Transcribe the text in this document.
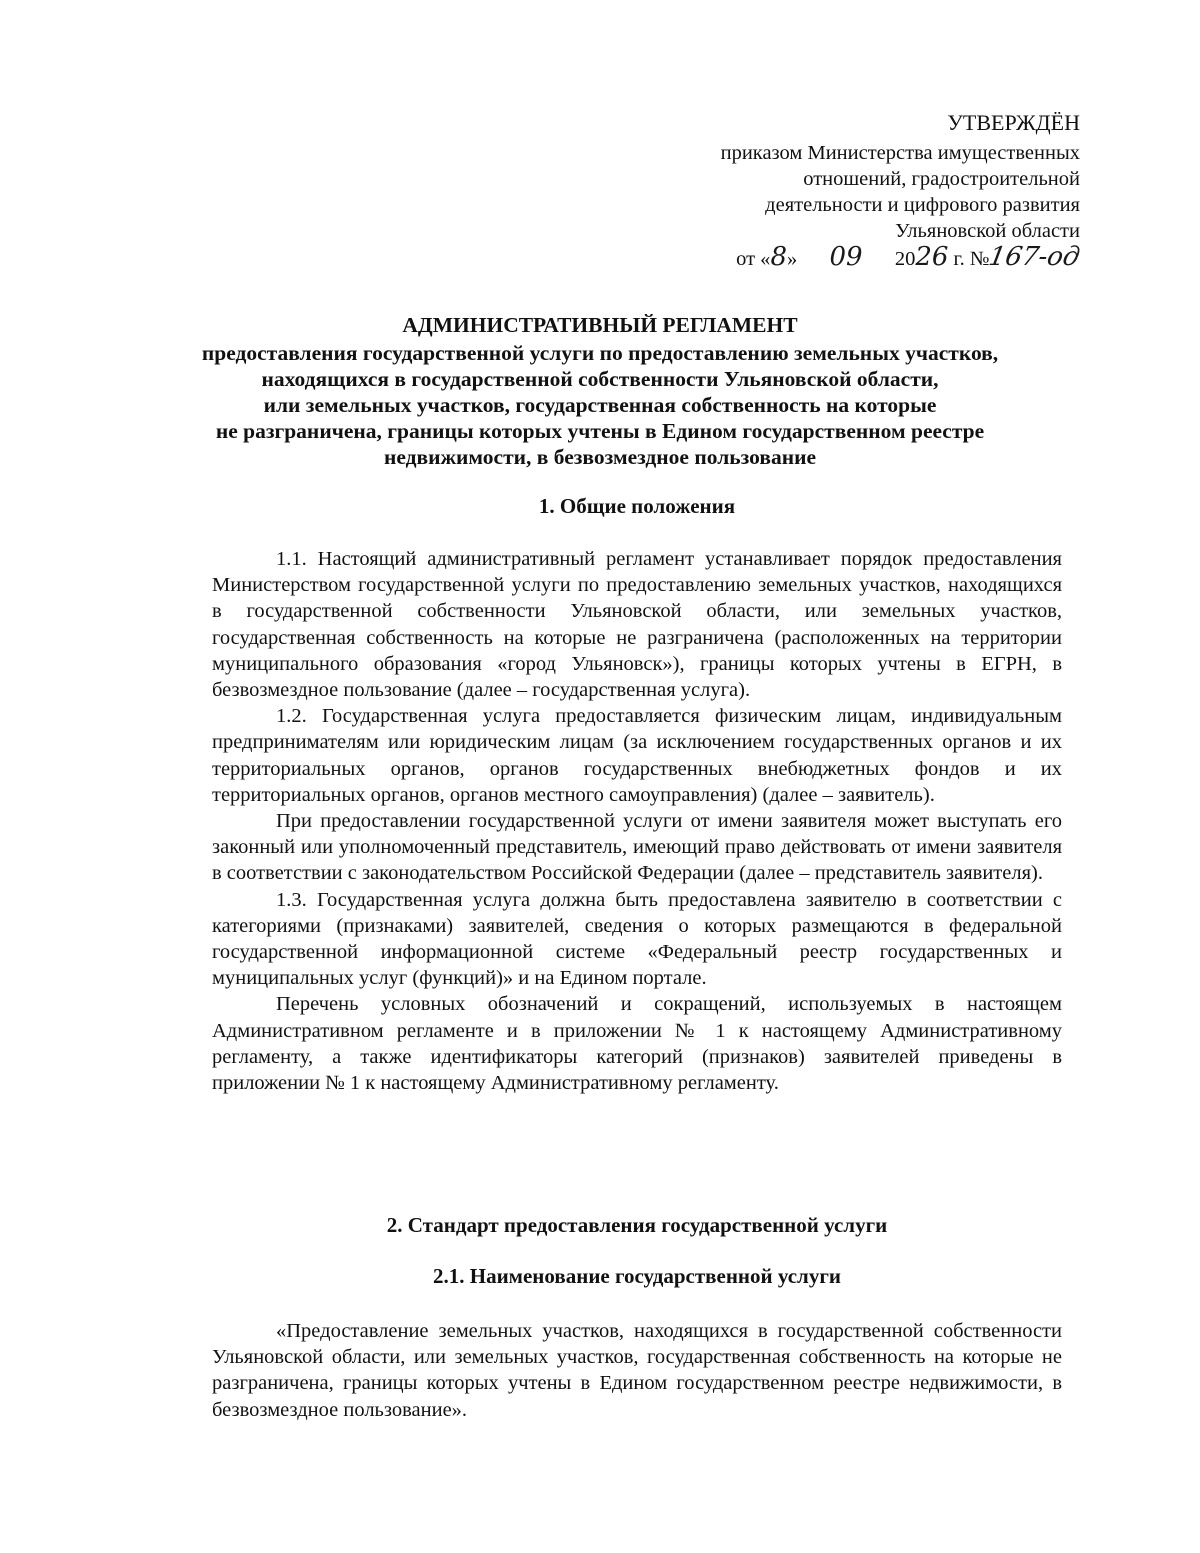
УТВЕРЖДЁН
приказом Министерства имущественных
отношений, градостроительной
деятельности и цифрового развития
Ульяновской области
от «8» 09 2026 г. №167-од
АДМИНИСТРАТИВНЫЙ РЕГЛАМЕНТ
предоставления государственной услуги по предоставлению земельных участков,
находящихся в государственной собственности Ульяновской области,
или земельных участков, государственная собственность на которые
не разграничена, границы которых учтены в Едином государственном реестре
недвижимости, в безвозмездное пользование
1. Общие положения

1.1. Настоящий административный регламент устанавливает порядок предоставления Министерством государственной услуги по предоставлению земельных участков, находящихся в государственной собственности Ульяновской области, или земельных участков, государственная собственность на которые не разграничена (расположенных на территории муниципального образования «город Ульяновск»), границы которых учтены в ЕГРН, в безвозмездное пользование (далее – государственная услуга).

1.2. Государственная услуга предоставляется физическим лицам, индивидуальным предпринимателям или юридическим лицам (за исключением государственных органов и их территориальных органов, органов государственных внебюджетных фондов и их территориальных органов, органов местного самоуправления) (далее – заявитель).

При предоставлении государственной услуги от имени заявителя может выступать его законный или уполномоченный представитель, имеющий право действовать от имени заявителя в соответствии с законодательством Российской Федерации (далее – представитель заявителя).

1.3. Государственная услуга должна быть предоставлена заявителю в соответствии с категориями (признаками) заявителей, сведения о которых размещаются в федеральной государственной информационной системе «Федеральный реестр государственных и муниципальных услуг (функций)» и на Едином портале.

Перечень условных обозначений и сокращений, используемых в настоящем Административном регламенте и в приложении № 1 к настоящему Административному регламенту, а также идентификаторы категорий (признаков) заявителей приведены в приложении № 1 к настоящему Административному регламенту.

2. Стандарт предоставления государственной услуги
2.1. Наименование государственной услуги

«Предоставление земельных участков, находящихся в государственной собственности Ульяновской области, или земельных участков, государственная собственность на которые не разграничена, границы которых учтены в Едином государственном реестре недвижимости, в безвозмездное пользование».
